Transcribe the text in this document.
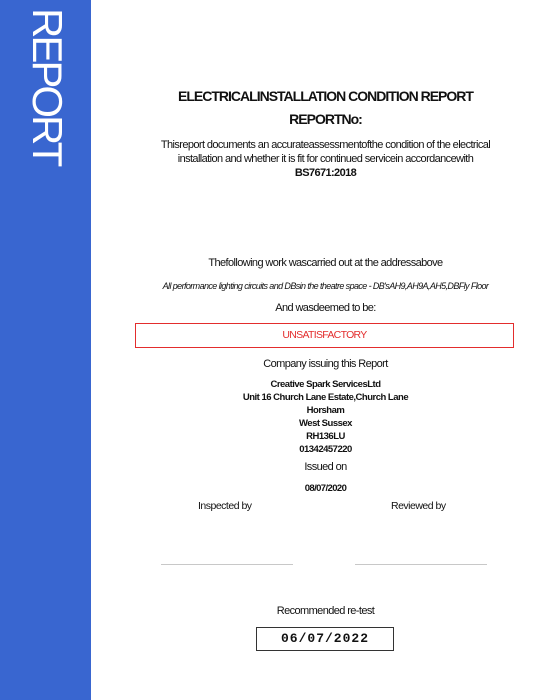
REPORT	ELECTRICALINSTALLATION CONDITION REPORT
REPORTNo:
Thisreport documents an accurateassessmentofthe condition of the electrical
installation and whether it is fit for continued servicein accordancewith
BS7671:2018
Thefollowing work wascarried out at the addressabove
All performance lighting circuits and DBsin the theatre space - DB'sAH9,AH9A,AH5,DBFly Floor
And wasdeemed to be:
UNSATISFACTORY
Company issuing this Report
Creative Spark ServicesLtd
Unit 16 Church Lane Estate,Church Lane
Horsham
West Sussex
RH136LU
01342457220
Issued on
08/07/2020
Inspected by	Reviewed by
Recommended re-test
06/07/2022
